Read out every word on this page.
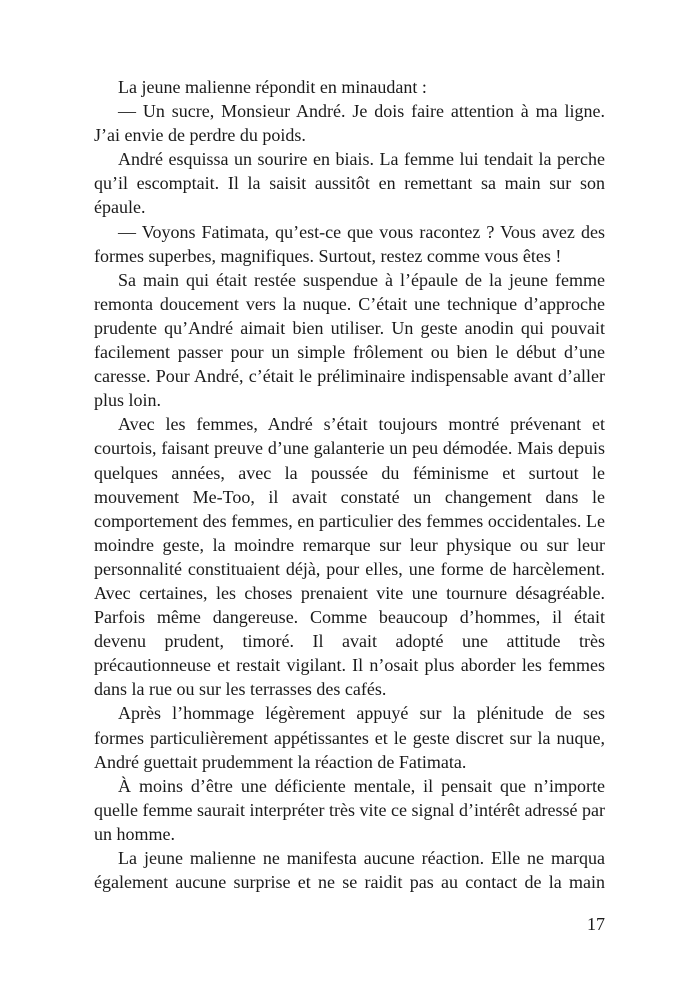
La jeune malienne répondit en minaudant :

— Un sucre, Monsieur André. Je dois faire attention à ma ligne. J’ai envie de perdre du poids.

André esquissa un sourire en biais. La femme lui tendait la perche qu’il escomptait. Il la saisit aussitôt en remettant sa main sur son épaule.

— Voyons Fatimata, qu’est-ce que vous racontez ? Vous avez des formes superbes, magnifiques. Surtout, restez comme vous êtes !

Sa main qui était restée suspendue à l’épaule de la jeune femme remonta doucement vers la nuque. C’était une technique d’approche prudente qu’André aimait bien utiliser. Un geste anodin qui pouvait facilement passer pour un simple frôlement ou bien le début d’une caresse. Pour André, c’était le préliminaire indispensable avant d’aller plus loin.

Avec les femmes, André s’était toujours montré prévenant et courtois, faisant preuve d’une galanterie un peu démodée. Mais depuis quelques années, avec la poussée du féminisme et surtout le mouvement Me-Too, il avait constaté un changement dans le comportement des femmes, en particulier des femmes occidentales. Le moindre geste, la moindre remarque sur leur physique ou sur leur personnalité constituaient déjà, pour elles, une forme de harcèlement. Avec certaines, les choses prenaient vite une tournure désagréable. Parfois même dangereuse. Comme beaucoup d’hommes, il était devenu prudent, timoré. Il avait adopté une attitude très précautionneuse et restait vigilant. Il n’osait plus aborder les femmes dans la rue ou sur les terrasses des cafés.

Après l’hommage légèrement appuyé sur la plénitude de ses formes particulièrement appétissantes et le geste discret sur la nuque, André guettait prudemment la réaction de Fatimata.

À moins d’être une déficiente mentale, il pensait que n’importe quelle femme saurait interpréter très vite ce signal d’intérêt adressé par un homme.

La jeune malienne ne manifesta aucune réaction. Elle ne marqua également aucune surprise et ne se raidit pas au contact de la main

17
